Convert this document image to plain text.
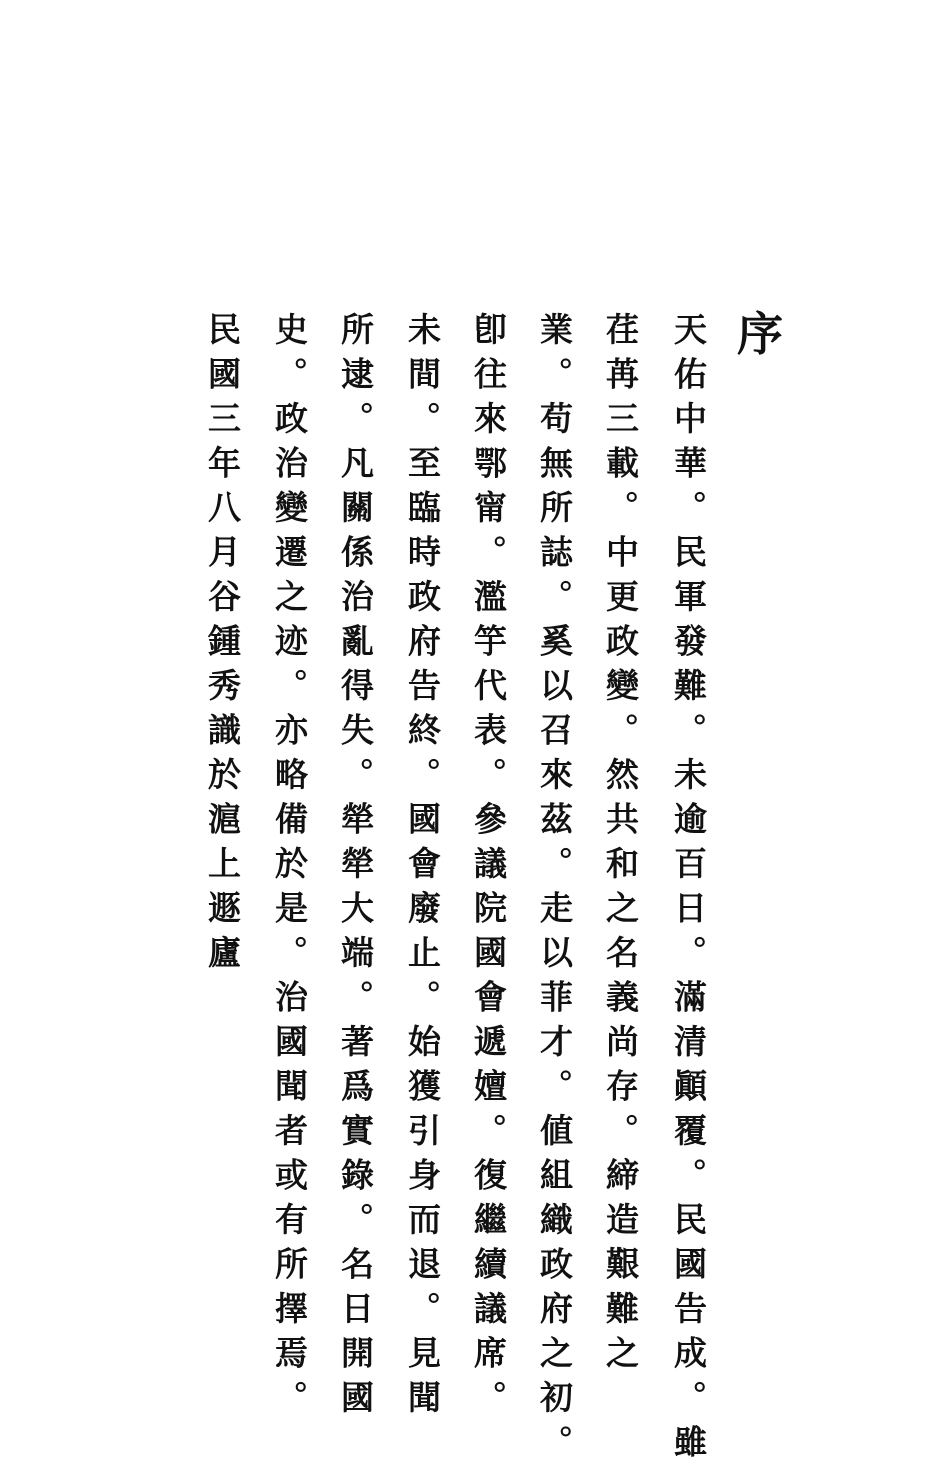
序
天佑中華。民軍發難。未逾百日。滿清顚覆。民國告成。雖
荏苒三載。中更政變。然共和之名義尚存。締造艱難之
業。苟無所誌。奚以召來茲。走以菲才。値組織政府之初。
卽往來鄂甯。濫竽代表。參議院國會遞嬗。復繼續議席。
未間。至臨時政府告終。國會廢止。始獲引身而退。見聞
所逮。凡關係治亂得失。犖犖大端。著爲實錄。名日開國
史。政治變遷之迹。亦略備於是。治國聞者或有所擇焉。
民國三年八月谷鍾秀識於滬上遯廬
